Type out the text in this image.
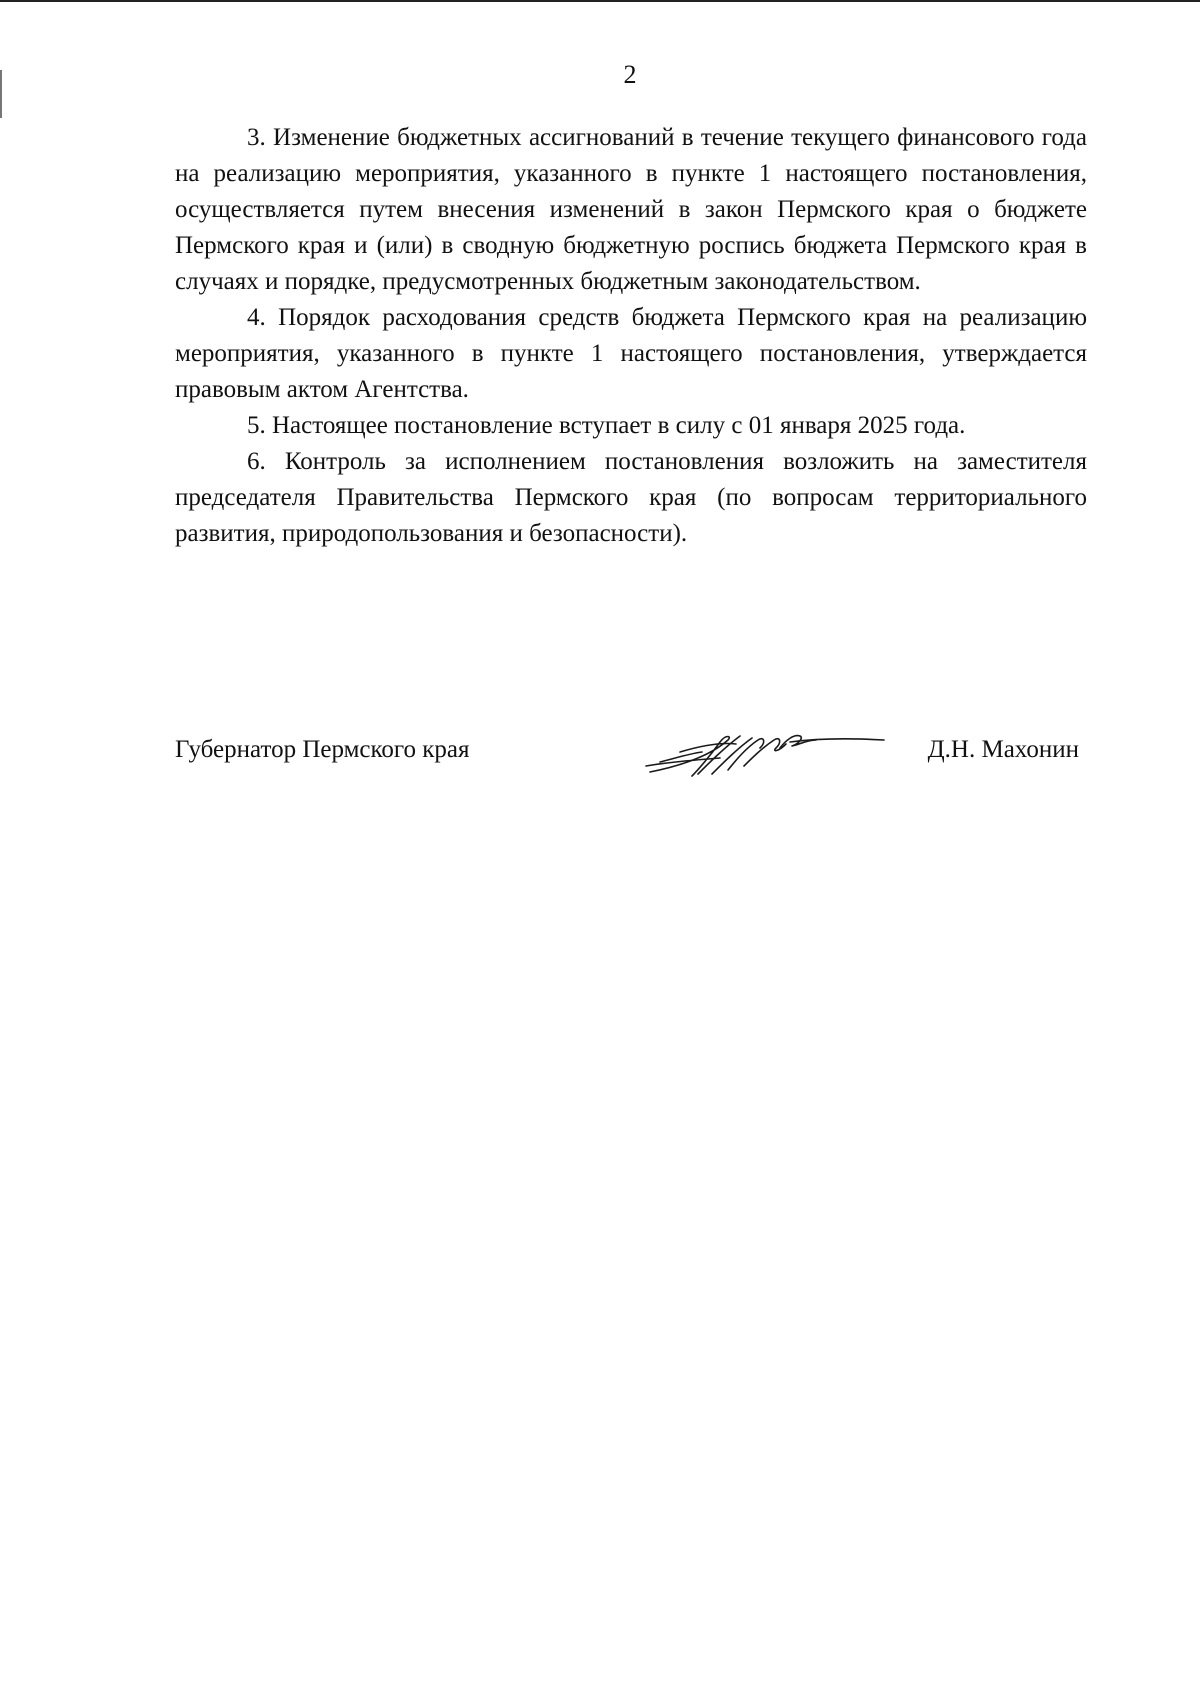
2

3. Изменение бюджетных ассигнований в течение текущего финансового года на реализацию мероприятия, указанного в пункте 1 настоящего постановления, осуществляется путем внесения изменений в закон Пермского края о бюджете Пермского края и (или) в сводную бюджетную роспись бюджета Пермского края в случаях и порядке, предусмотренных бюджетным законодательством.

4. Порядок расходования средств бюджета Пермского края на реализацию мероприятия, указанного в пункте 1 настоящего постановления, утверждается правовым актом Агентства.

5. Настоящее постановление вступает в силу с 01 января 2025 года.

6. Контроль за исполнением постановления возложить на заместителя председателя Правительства Пермского края (по вопросам территориального развития, природопользования и безопасности).

Губернатор Пермского края	Д.Н. Махонин
